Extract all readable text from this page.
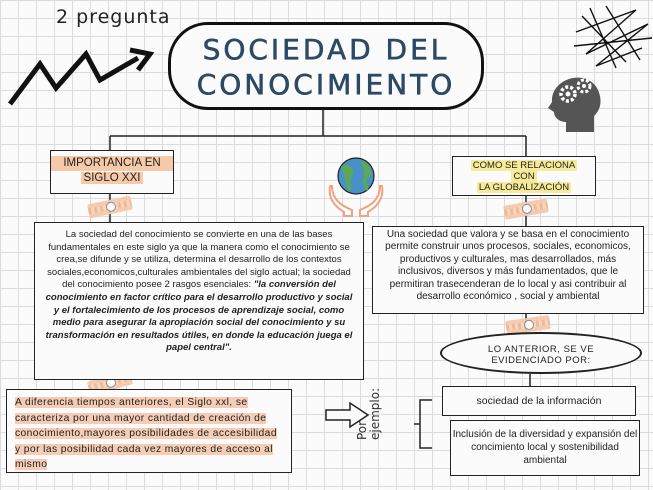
2 pregunta
SOCIEDAD DEL
CONOCIMIENTO
IMPORTANCIA EN
SIGLO XXI
COMO SE RELACIONA
CON
LA GLOBALIZACIÓN
La sociedad del conocimiento se convierte en una de las bases fundamentales en este siglo ya que la manera como el conocimiento se crea,se difunde y se utiliza, determina el desarrollo de los contextos sociales,economicos,culturales ambientales del siglo actual; la sociedad del conocimiento posee 2 rasgos esenciales: "la conversión del conocimiento en factor crítico para el desarrollo productivo y social y el fortalecimiento de los procesos de aprendizaje social, como medio para asegurar la apropiación social del conocimiento y su transformación en resultados útiles, en donde la educación juega el papel central".
Una sociedad que valora y se basa en el conocimiento permite construir unos procesos, sociales, economicos, productivos y culturales, mas desarrollados, más inclusivos, diversos y más fundamentados, que le permitiran trasecenderan de lo local y asi contribuir al desarrollo económico , social y ambiental
LO ANTERIOR, SE VE
EVIDENCIADO POR:
A diferencia tiempos anteriores, el Siglo xxl, se caracteriza por una mayor cantidad de creación de conocimiento,mayores posibilidades de accesibilidad y por las posibilidad cada vez mayores de acceso al mismo
Por ejemplo:	sociedad de la información
Inclusión de la diversidad y expansión del concimiento local y sostenibilidad ambiental
